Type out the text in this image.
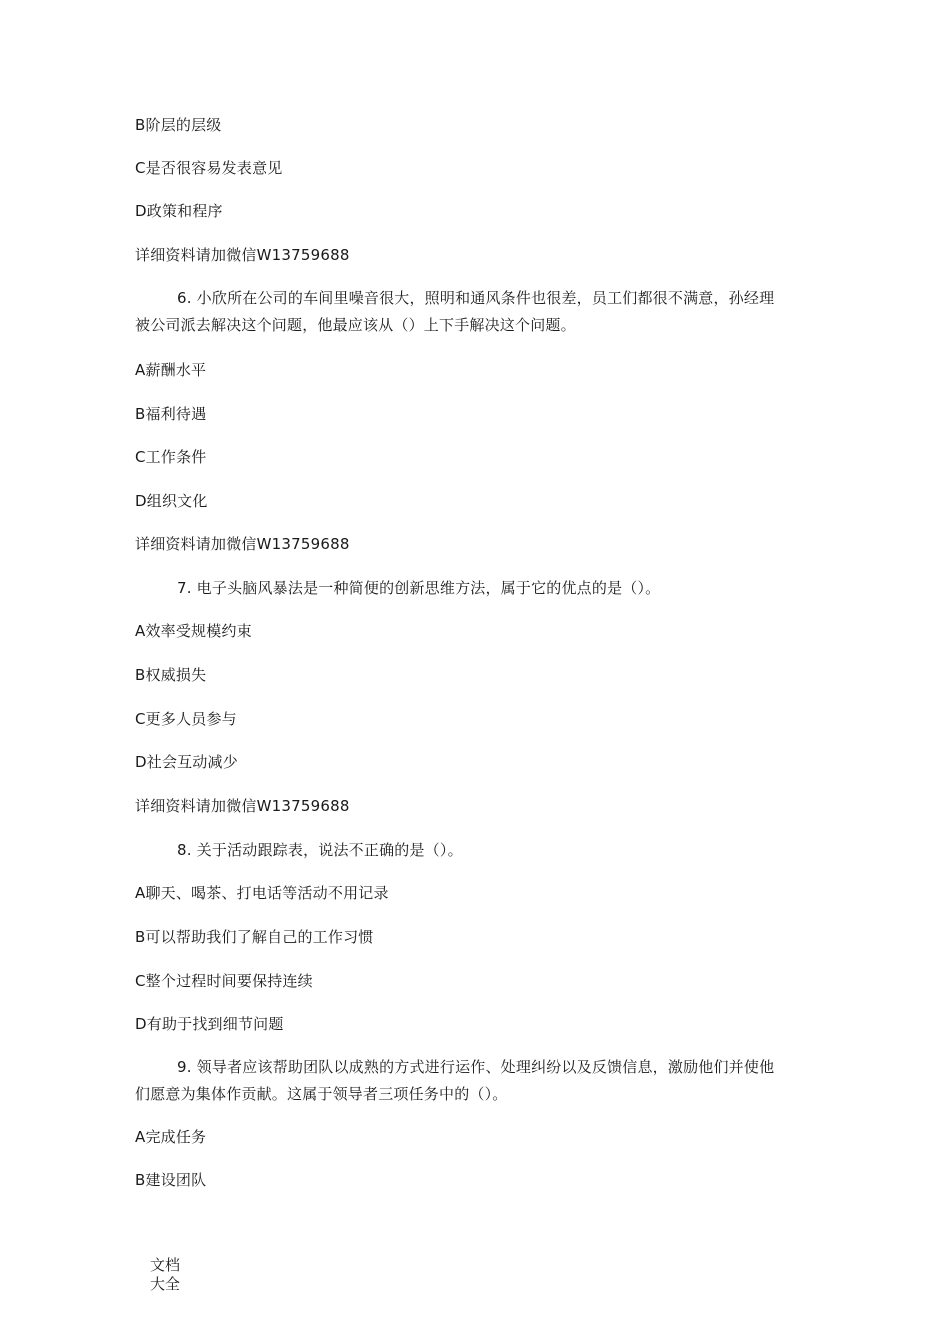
B阶层的层级
C是否很容易发表意见
D政策和程序
详细资料请加微信W13759688
6. 小欣所在公司的车间里噪音很大，照明和通风条件也很差，员工们都很不满意，孙经理
被公司派去解决这个问题，他最应该从（）上下手解决这个问题。
A薪酬水平
B福利待遇
C工作条件
D组织文化
详细资料请加微信W13759688
7. 电子头脑风暴法是一种简便的创新思维方法，属于它的优点的是（）。
A效率受规模约束
B权威损失
C更多人员参与
D社会互动减少
详细资料请加微信W13759688
8. 关于活动跟踪表，说法不正确的是（）。
A聊天、喝茶、打电话等活动不用记录
B可以帮助我们了解自己的工作习惯
C整个过程时间要保持连续
D有助于找到细节问题
9. 领导者应该帮助团队以成熟的方式进行运作、处理纠纷以及反馈信息，激励他们并使他
们愿意为集体作贡献。这属于领导者三项任务中的（）。
A完成任务
B建设团队
文档
大全
